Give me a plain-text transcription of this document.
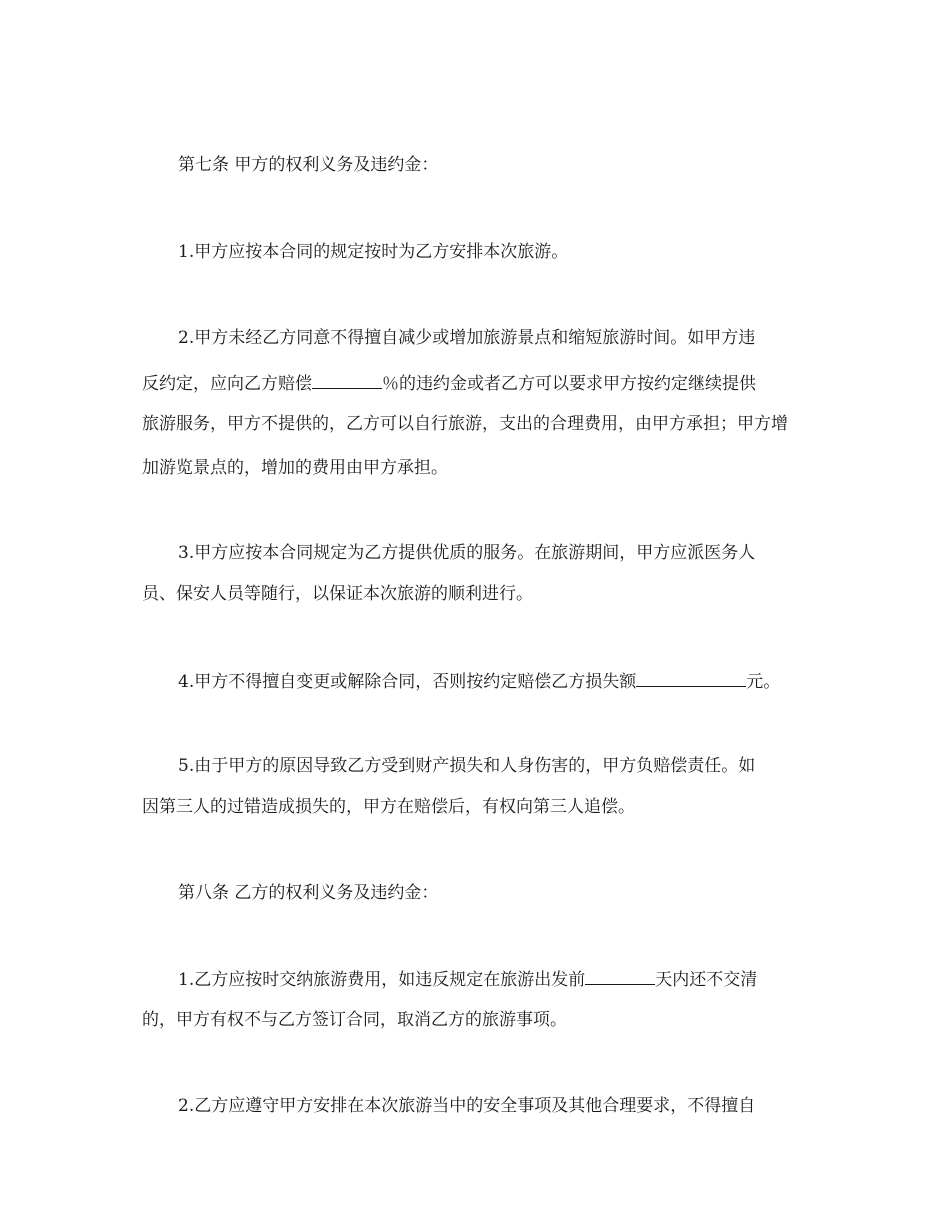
第七条 甲方的权利义务及违约金：
1.甲方应按本合同的规定按时为乙方安排本次旅游。
2.甲方未经乙方同意不得擅自减少或增加旅游景点和缩短旅游时间。如甲方违
反约定，应向乙方赔偿	％的违约金或者乙方可以要求甲方按约定继续提供
旅游服务，甲方不提供的，乙方可以自行旅游，支出的合理费用，由甲方承担；甲方增
加游览景点的，增加的费用由甲方承担。
3.甲方应按本合同规定为乙方提供优质的服务。在旅游期间，甲方应派医务人
员、保安人员等随行，以保证本次旅游的顺利进行。
4.甲方不得擅自变更或解除合同，否则按约定赔偿乙方损失额	元。
5.由于甲方的原因导致乙方受到财产损失和人身伤害的，甲方负赔偿责任。如
因第三人的过错造成损失的，甲方在赔偿后，有权向第三人追偿。
第八条 乙方的权利义务及违约金：
1.乙方应按时交纳旅游费用，如违反规定在旅游出发前	天内还不交清
的，甲方有权不与乙方签订合同，取消乙方的旅游事项。
2.乙方应遵守甲方安排在本次旅游当中的安全事项及其他合理要求，不得擅自
